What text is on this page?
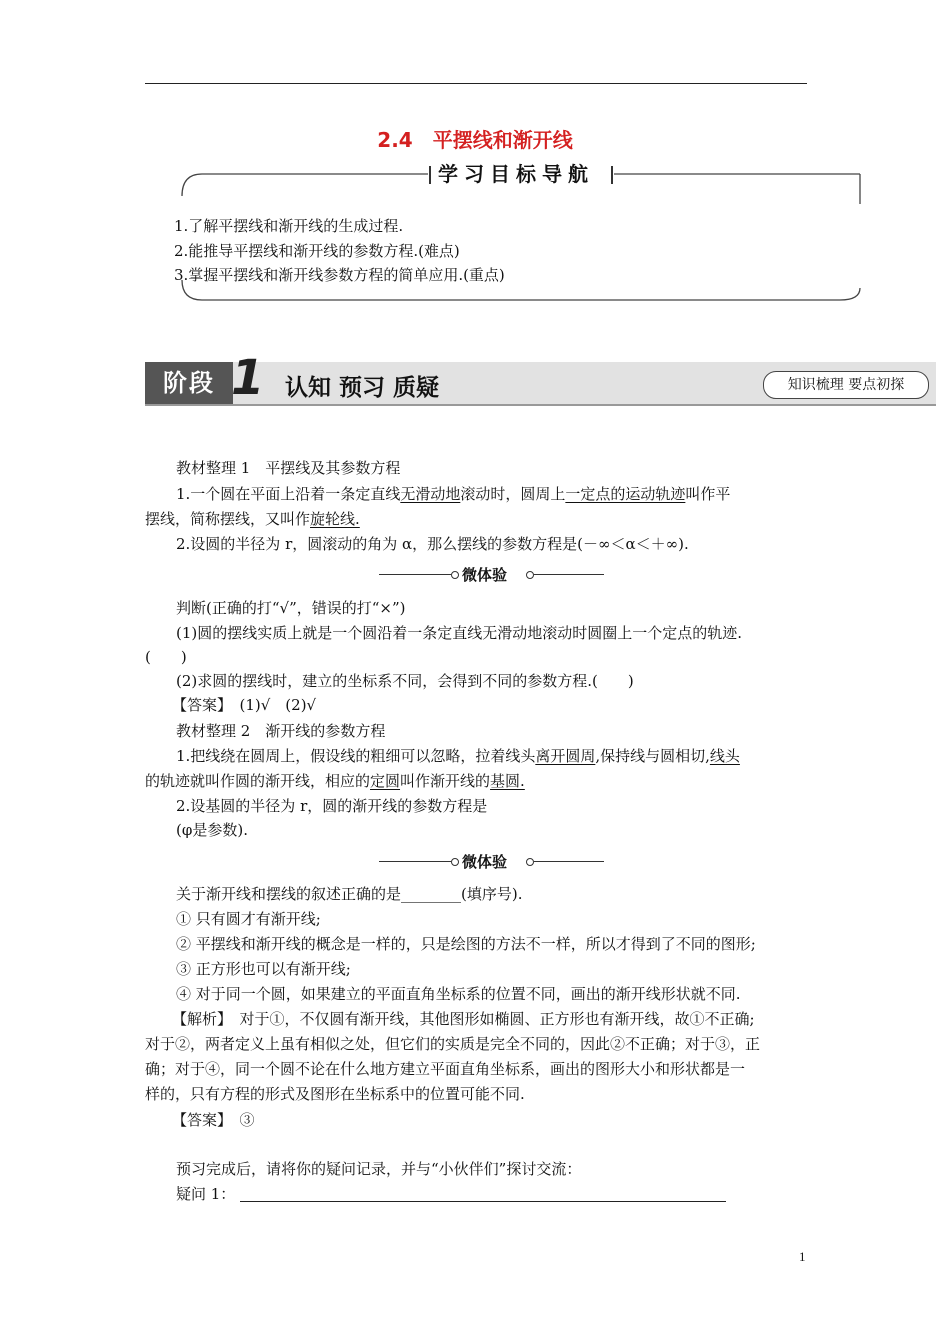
2.4　 平摆线和渐开线
学习目标导航
1.了解平摆线和渐开线的生成过程.
2.能推导平摆线和渐开线的参数方程.(难点)
3.掌握平摆线和渐开线参数方程的简单应用.(重点)
阶段 1 认知 预习 质疑	知识梳理 要点初探
教材整理 1　平摆线及其参数方程
1.一个圆在平面上沿着一条定直线无滑动地滚动时，圆周上一定点的运动轨迹叫作平
摆线，简称摆线，又叫作旋轮线.
2.设圆的半径为 r，圆滚动的角为 α，那么摆线的参数方程是(－∞＜α＜＋∞).
微体验
判断(正确的打“√”，错误的打“×”)
(1)圆的摆线实质上就是一个圆沿着一条定直线无滑动地滚动时圆圈上一个定点的轨迹.
(　　)
(2)求圆的摆线时，建立的坐标系不同，会得到不同的参数方程.(　　)
【答案】　(1)√　(2)√
教材整理 2　渐开线的参数方程
1.把线绕在圆周上，假设线的粗细可以忽略，拉着线头离开圆周,保持线与圆相切,线头
的轨迹就叫作圆的渐开线，相应的定圆叫作渐开线的基圆.
2.设基圆的半径为 r，圆的渐开线的参数方程是
(φ是参数).
微体验
关于渐开线和摆线的叙述正确的是________(填序号).
① 只有圆才有渐开线;
② 平摆线和渐开线的概念是一样的，只是绘图的方法不一样，所以才得到了不同的图形;
③ 正方形也可以有渐开线;
④ 对于同一个圆，如果建立的平面直角坐标系的位置不同，画出的渐开线形状就不同.
【解析】　对于①，不仅圆有渐开线，其他图形如椭圆、正方形也有渐开线，故①不正确;
对于②，两者定义上虽有相似之处，但它们的实质是完全不同的，因此②不正确；对于③，正
确；对于④，同一个圆不论在什么地方建立平面直角坐标系，画出的图形大小和形状都是一
样的，只有方程的形式及图形在坐标系中的位置可能不同.
【答案】　③
预习完成后，请将你的疑问记录，并与“小伙伴们”探讨交流：
疑问 1：
1
